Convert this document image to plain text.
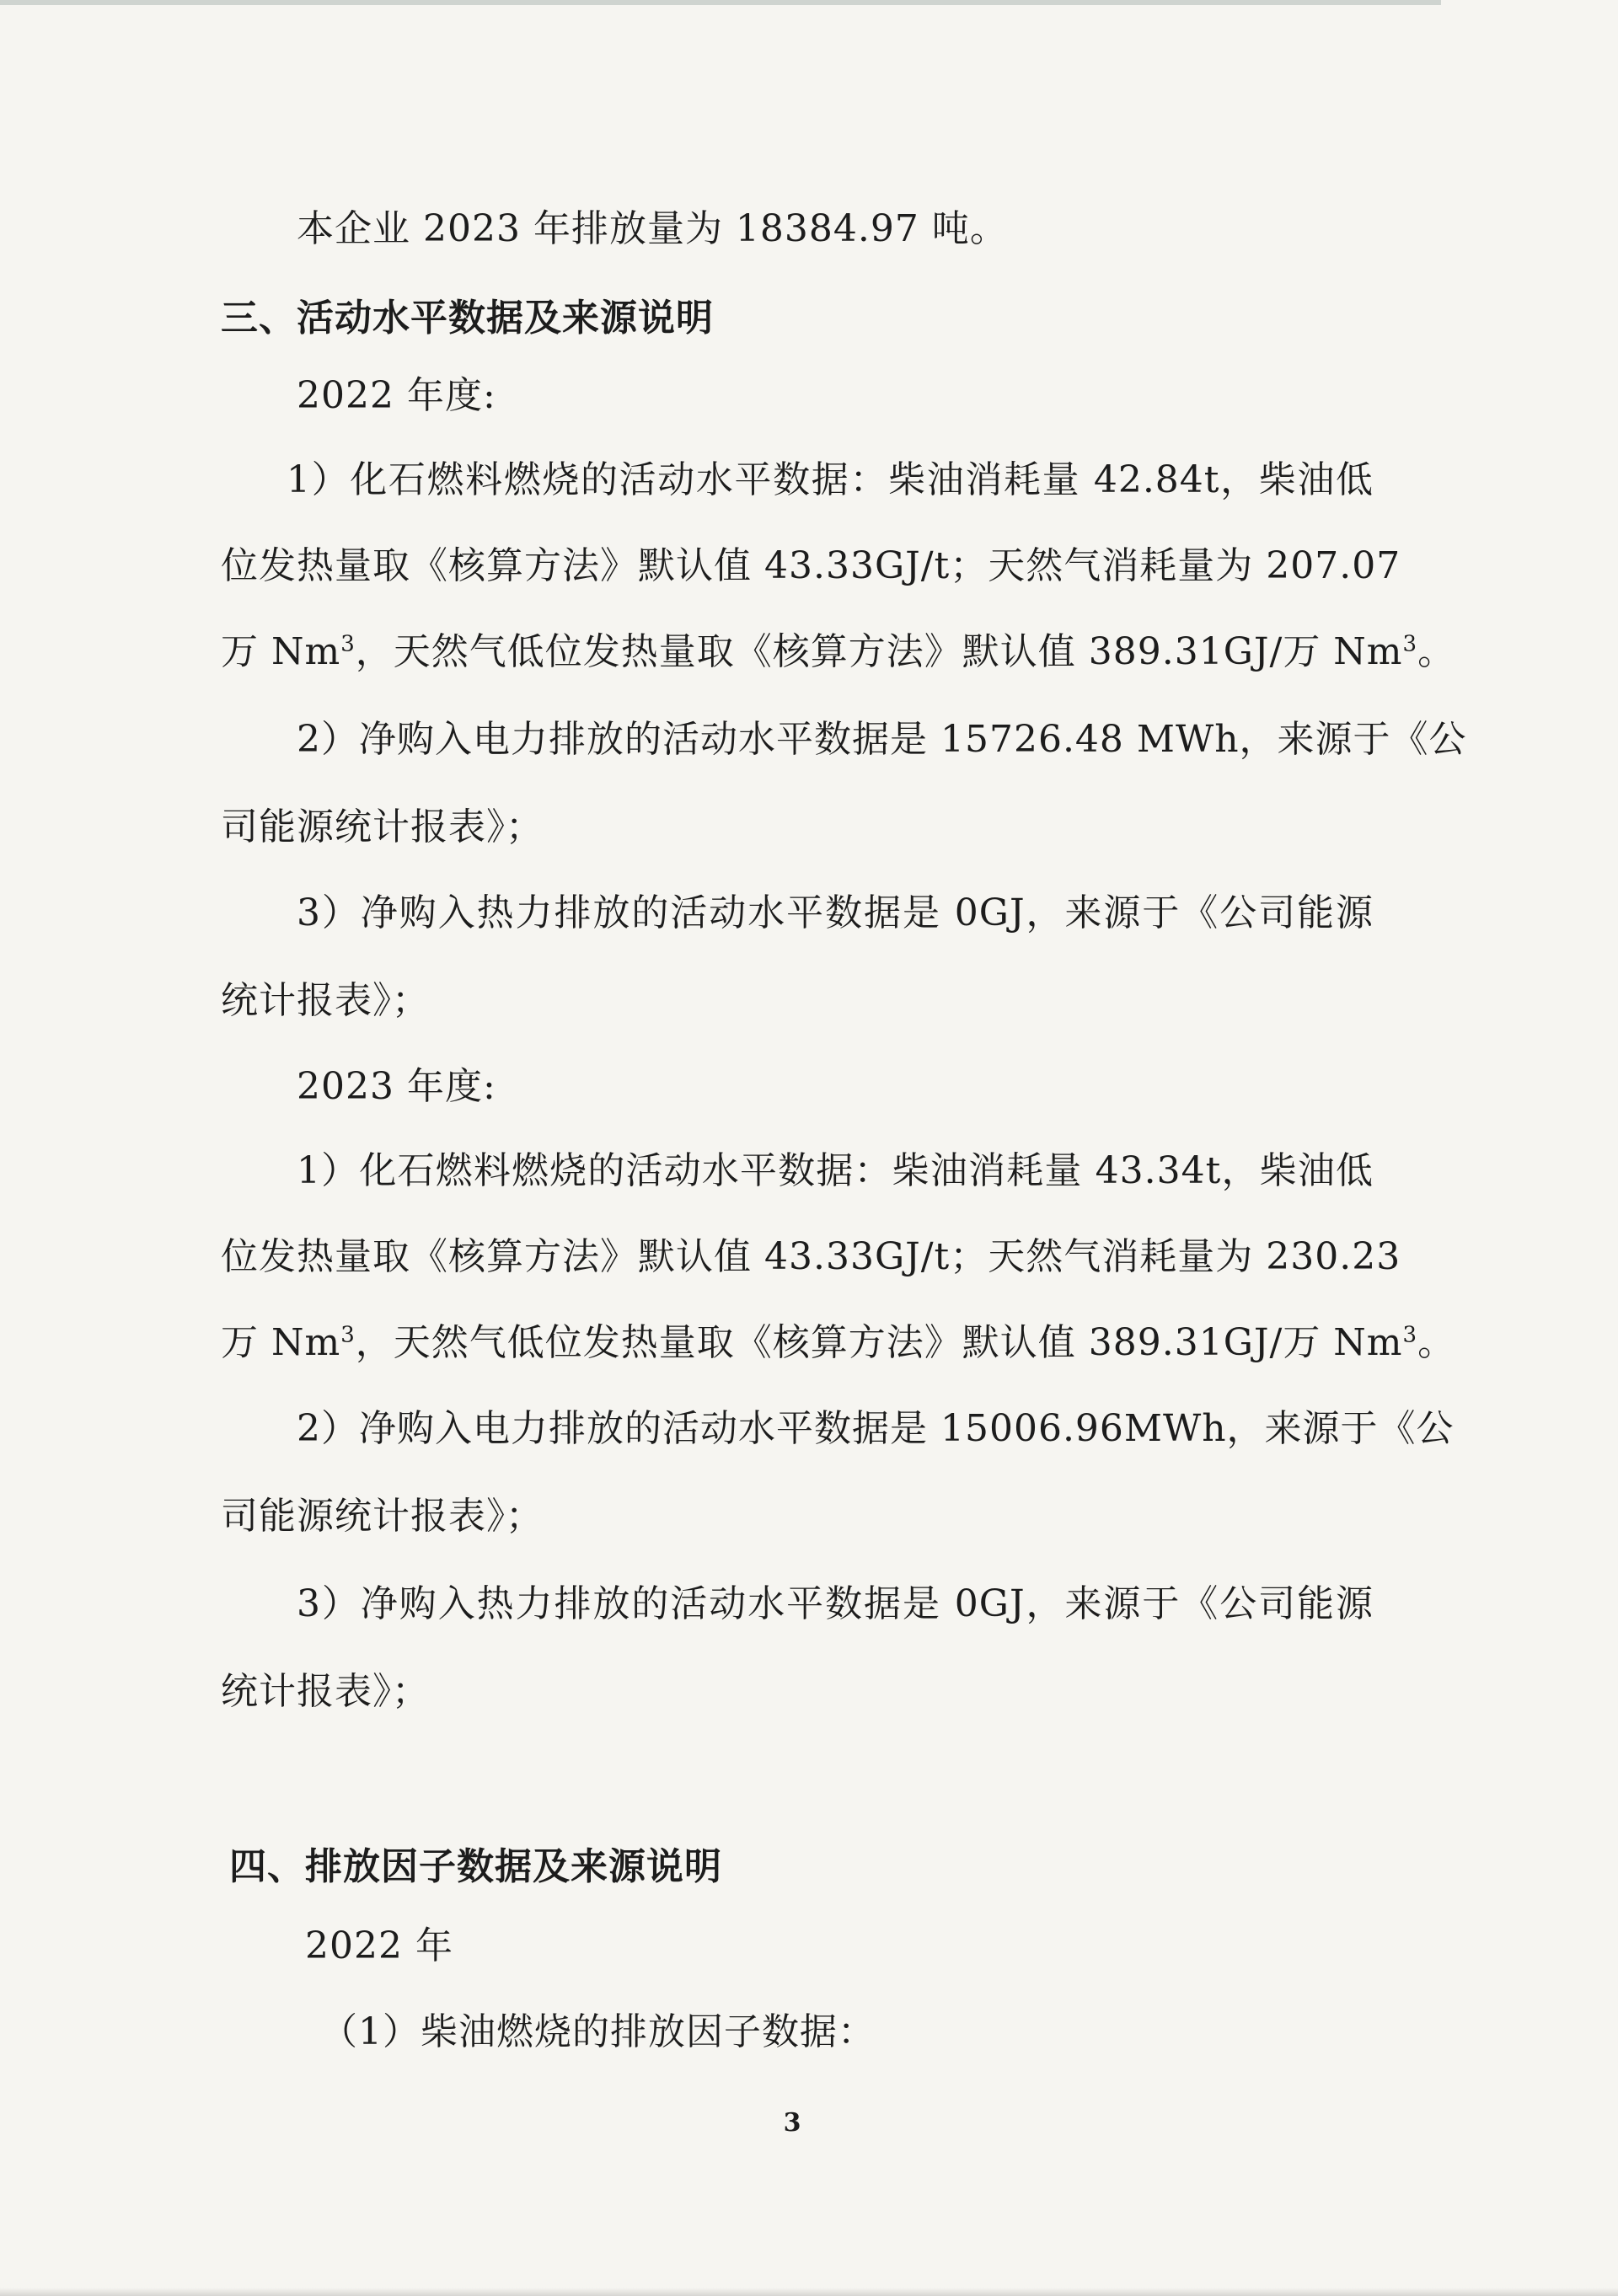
本企业 2023 年排放量为 18384.97 吨。
三、活动水平数据及来源说明
2022 年度:
1）化石燃料燃烧的活动水平数据：柴油消耗量 42.84t，柴油低
位发热量取《核算方法》默认值 43.33GJ/t；天然气消耗量为 207.07
万 Nm$^3$，天然气低位发热量取《核算方法》默认值 389.31GJ/万 Nm$^3$。
2）净购入电力排放的活动水平数据是 15726.48 MWh，来源于《公
司能源统计报表》；
3）净购入热力排放的活动水平数据是 0GJ，来源于《公司能源
统计报表》；
2023 年度:
1）化石燃料燃烧的活动水平数据：柴油消耗量 43.34t，柴油低
位发热量取《核算方法》默认值 43.33GJ/t；天然气消耗量为 230.23
万 Nm$^3$，天然气低位发热量取《核算方法》默认值 389.31GJ/万 Nm$^3$。
2）净购入电力排放的活动水平数据是 15006.96MWh，来源于《公
司能源统计报表》；
3）净购入热力排放的活动水平数据是 0GJ，来源于《公司能源
统计报表》；
四、排放因子数据及来源说明
2022 年
（1）柴油燃烧的排放因子数据：
3
